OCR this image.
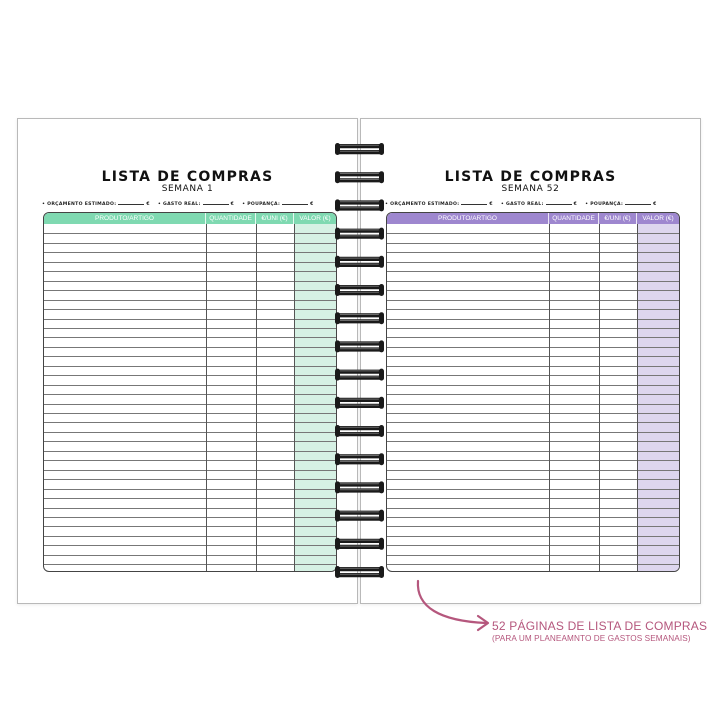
LISTA DE COMPRAS
SEMANA 1
• ORÇAMENTO ESTIMADO:	€ • GASTO REAL:	€ • POUPANÇA:	€
PRODUTO/ARTIGO	QUANTIDADE	€/UNI (€)	VALOR (€)
LISTA DE COMPRAS
SEMANA 52
• ORÇAMENTO ESTIMADO:	€ • GASTO REAL:	€ • POUPANÇA:	€
PRODUTO/ARTIGO	QUANTIDADE	€/UNI (€)	VALOR (€)
52 PÁGINAS DE LISTA DE COMPRAS
(PARA UM PLANEAMNTO DE GASTOS SEMANAIS)
